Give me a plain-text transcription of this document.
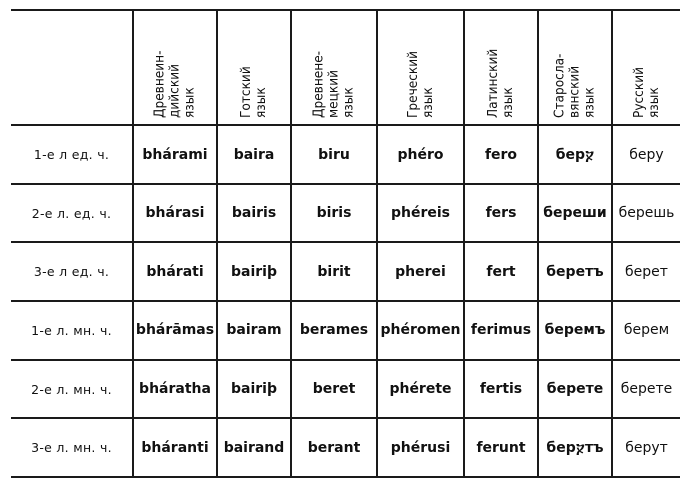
	Древнеин-
дийский
язык	Готский
язык	Древнене-
мецкий
язык	Греческий
язык	Латинский
язык	Старосла-
вянский
язык	Русский
язык

1-е л ед. ч.	bhárami	baira	biru	phéro	fero	берⴟ	беру
2-е л. ед. ч.	bhárasi	bairis	biris	phéreis	fers	береши	берешь
3-е л ед. ч.	bhárati	bairiþ	birit	pherei	fert	беретъ	берет
1-е л. мн. ч.	bhárāmas	bairam	berames	phéromen	ferimus	беремъ	берем
2-е л. мн. ч.	bháratha	bairiþ	beret	phérete	fertis	берете	берете
3-е л. мн. ч.	bháranti	bairand	berant	phérusi	ferunt	берⴟтъ	берут
